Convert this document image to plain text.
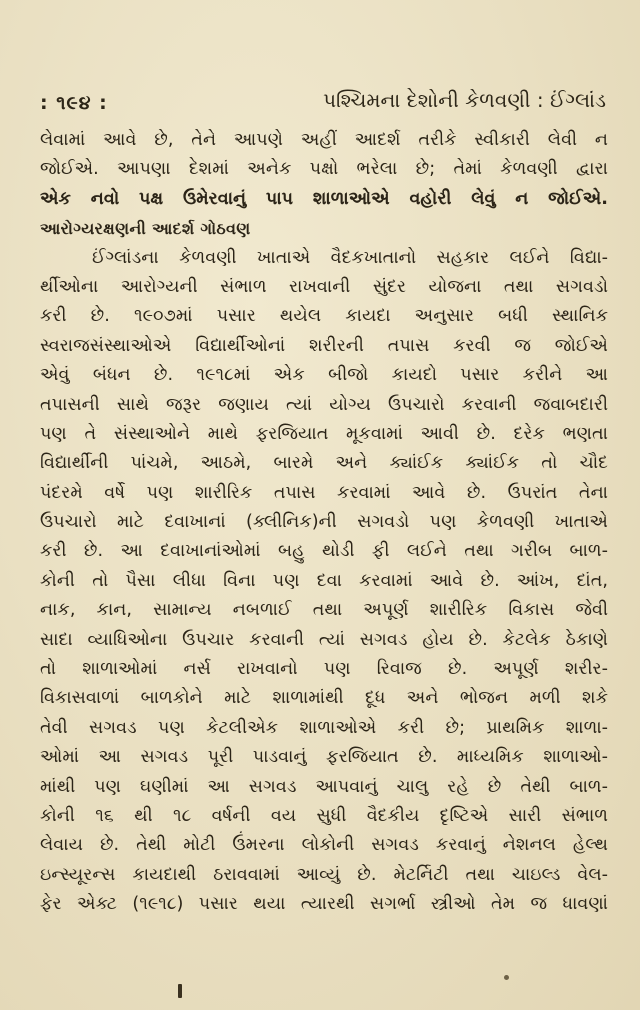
: ૧૯૪ :	પશ્ચિમના દેશોની કેળવણી : ઈંગ્લાંડ
લેવામાં આવે છે, તેને આપણે અહીં આદર્શ તરીકે સ્વીકારી લેવી ન
જોઈએ. આપણા દેશમાં અનેક પક્ષો ભરેલા છે; તેમાં કેળવણી દ્વારા
એક નવો પક્ષ ઉમેરવાનું પાપ શાળાઓએ વહોરી લેવું ન જોઈએ.
આરોગ્યરક્ષણની આદર્શ ગોઠવણ
ઈંગ્લાંડના કેળવણી ખાતાએ વૈદકખાતાનો સહકાર લઈને વિદ્યા-
ર્થીઓના આરોગ્યની સંભાળ રાખવાની સુંદર યોજના તથા સગવડો
કરી છે. ૧૯૦૭માં પસાર થયેલ કાયદા અનુસાર બધી સ્થાનિક
સ્વરાજસંસ્થાઓએ વિદ્યાર્થીઓનાં શરીરની તપાસ કરવી જ જોઈએ
એવું બંધન છે. ૧૯૧૮માં એક બીજો કાયદો પસાર કરીને આ
તપાસની સાથે જરૂર જણાય ત્યાં યોગ્ય ઉપચારો કરવાની જવાબદારી
પણ તે સંસ્થાઓને માથે ફરજિયાત મૂકવામાં આવી છે. દરેક ભણતા
વિદ્યાર્થીની પાંચમે, આઠમે, બારમે અને ક્યાંઈક ક્યાંઈક તો ચૌદ
પંદરમે વર્ષે પણ શારીરિક તપાસ કરવામાં આવે છે. ઉપરાંત તેના
ઉપચારો માટે દવાખાનાં (ક્લીનિક)ની સગવડો પણ કેળવણી ખાતાએ
કરી છે. આ દવાખાનાંઓમાં બહુ થોડી ફી લઈને તથા ગરીબ બાળ-
કોની તો પૈસા લીધા વિના પણ દવા કરવામાં આવે છે. આંખ, દાંત,
નાક, કાન, સામાન્ય નબળાઈ તથા અપૂર્ણ શારીરિક વિકાસ જેવી
સાદા વ્યાધિઓના ઉપચાર કરવાની ત્યાં સગવડ હોય છે. કેટલેક ઠેકાણે
તો શાળાઓમાં નર્સ રાખવાનો પણ રિવાજ છે. અપૂર્ણ શરીર-
વિકાસવાળાં બાળકોને માટે શાળામાંથી દૂધ અને ભોજન મળી શકે
તેવી સગવડ પણ કેટલીએક શાળાઓએ કરી છે; પ્રાથમિક શાળા-
ઓમાં આ સગવડ પૂરી પાડવાનું ફરજિયાત છે. માધ્યમિક શાળાઓ-
માંથી પણ ઘણીમાં આ સગવડ આપવાનું ચાલુ રહે છે તેથી બાળ-
કોની ૧૬ થી ૧૮ વર્ષની વય સુધી વૈદકીય દૃષ્ટિએ સારી સંભાળ
લેવાય છે. તેથી મોટી ઉંમરના લોકોની સગવડ કરવાનું નેશનલ હેલ્થ
ઇન્સ્યૂરન્સ કાયદાથી ઠરાવવામાં આવ્યું છે. મેટર્નિટી તથા ચાઇલ્ડ વેલ-
ફેર એક્ટ (૧૯૧૮) પસાર થયા ત્યારથી સગર્ભા સ્ત્રીઓ તેમ જ ધાવણાં
